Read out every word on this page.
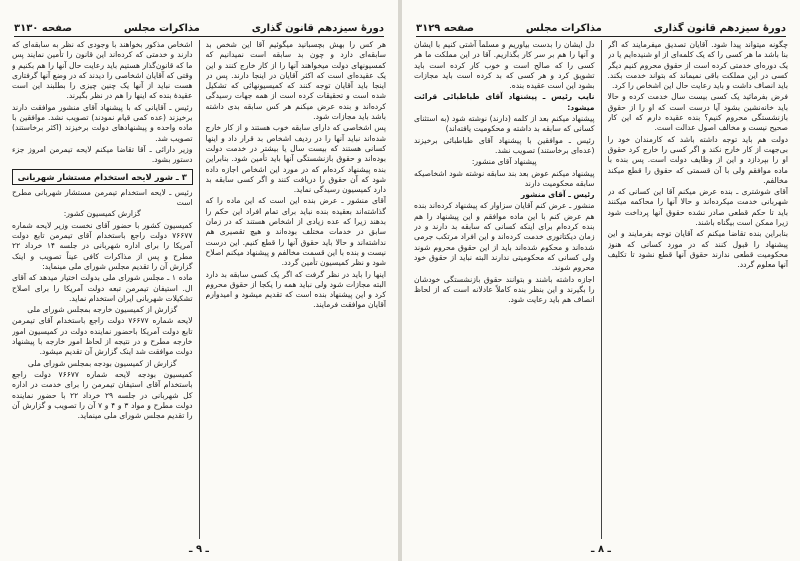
دورهٔ سیزدهم قانون گذاری
مذاکرات مجلس
صفحه ۳۱۳۰

هر کس را بهش بچسبانید میگوئیم آقا این شخص بد سابقه‌ای دارد و چون بد سابقه است نمیدانیم که کمسیونهای دولت میخواهند آنها را از کار خارج کنند و این یک عقیده‌ای است که اکثر آقایان در اینجا دارند. پس در اینجا باید آقایان توجه کنند که کمیسیونهائی که تشکیل شده است و تحقیقات کرده است از همه جهات رسیدگی کرده‌اند و بنده عرض میکنم هر کس سابقه بدی داشته باشد باید مجازات شود.

پس اشخاصی که دارای سابقه خوب هستند و از کار خارج شده‌اند نباید آنها را در ردیف اشخاص بد قرار داد و اینها کسانی هستند که بیست سال یا بیشتر در خدمت دولت بوده‌اند و حقوق بازنشستگی آنها باید تأمین شود. بنابراین بنده پیشنهاد کرده‌ام که در مورد این اشخاص اجازه داده شود که آن حقوق را دریافت کنند و اگر کسی سابقه بد دارد کمیسیون رسیدگی نماید.

آقای منشور ـ عرض بنده این است که این ماده را که گذاشته‌اند بعقیده بنده نباید برای تمام افراد این حکم را بدهند زیرا که عده زیادی از اشخاص هستند که در زمان سابق در خدمات مختلف بوده‌اند و هیچ تقصیری هم نداشته‌اند و حالا باید حقوق آنها را قطع کنیم. این درست نیست و بنده با این قسمت مخالفم و پیشنهاد میکنم اصلاح شود و نظر کمیسیون تأمین گردد.

اینها را باید در نظر گرفت که اگر یک کسی سابقه بد دارد البته مجازات شود ولی نباید همه را یکجا از حقوق محروم کرد و این پیشنهاد بنده است که تقدیم میشود و امیدوارم آقایان موافقت فرمایند.

اشخاص مذکور بخواهند با وجودی که نظر به سابقه‌ای که دارند و خدمتی که کرده‌اند این قانون را تأمین نمایند پس ما که قانون‌گذار هستیم باید رعایت حال آنها را هم بکنیم و وقتی که آقایان اشخاصی را دیدند که در وضع آنها گرفتاری هست نباید از آنها یک چنین چیزی را بطلبند این است عقیدهٔ بنده که اینها را هم در نظر بگیرند.

رئیس ـ آقایانی که با پیشنهاد آقای منشور موافقت دارند برخیزند (عده کمی قیام نمودند) تصویب نشد. موافقین با ماده واحده و پیشنهادهای دولت برخیزند (اکثر برخاستند) تصویب شد.

وزیر دارائی ـ آقا تقاضا میکنم لایحه تیمرمن امروز جزء دستور بشود.

۳ ـ شور لایحه استخدام مستشار شهربانی

رئیس ـ لایحه استخدام تیمرمن مستشار شهربانی مطرح است

گزارش کمیسیون کشور:

کمیسیون کشور با حضور آقای نخست وزیر لایحه شماره ۷۶۶۷۷ دولت راجع باستخدام آقای تیمرمن تابع دولت آمریکا را برای اداره شهربانی در جلسه ۱۴ خرداد ۲۲ مطرح و پس از مذاکرات کافی عیناً تصویب و اینک گزارش آن را تقدیم مجلس شورای ملی مینماید:

ماده ۱ ـ مجلس شورای ملی بدولت اختیار میدهد که آقای ال. استیفان تیمرمن تبعه دولت آمریکا را برای اصلاح تشکیلات شهربانی ایران استخدام نماید.

گزارش از کمیسیون خارجه بمجلس شورای ملی

لایحه شماره ۷۶۶۷۷ دولت راجع باستخدام آقای تیمرمن تابع دولت آمریکا باحضور نماینده دولت در کمیسیون امور خارجه مطرح و در نتیجه از لحاظ امور خارجه با پیشنهاد دولت موافقت شد اینک گزارش آن تقدیم میشود.

گزارش از کمیسیون بودجه بمجلس شورای ملی

کمیسیون بودجه لایحه شماره ۷۶۶۷۷ دولت راجع باستخدام آقای استیفان تیمرمن را برای خدمت در اداره کل شهربانی در جلسه ۲۹ خرداد ۲۲ با حضور نماینده دولت مطرح و مواد ۳ و ۴ و ۷ آن را تصویب و گزارش آن را تقدیم مجلس شورای ملی مینماید.

ـ ۹ ـ
دورهٔ سیزدهم قانون گذاری
مذاکرات مجلس
صفحه ۳۱۲۹

چگونه میتواند پیدا شود. آقایان تصدیق میفرمایند که اگر بنا باشد ما هر کسی را که یک کلمه‌ای از او شنیده‌ایم یا در یک دوره‌ای خدمتی کرده است از حقوق محروم کنیم دیگر کسی در این مملکت باقی نمیماند که بتواند خدمت بکند. باید انصاف داشت و باید رعایت حال این اشخاص را کرد.

فرض بفرمائید یک کسی بیست سال خدمت کرده و حالا باید خانه‌نشین بشود آیا درست است که او را از حقوق بازنشستگی محروم کنیم؟ بنده عقیده دارم که این کار صحیح نیست و مخالف اصول عدالت است.

دولت هم باید توجه داشته باشد که کارمندان خود را بی‌جهت از کار خارج نکند و اگر کسی را خارج کرد حقوق او را بپردازد و این از وظایف دولت است. پس بنده با ماده موافقم ولی با آن قسمتی که حقوق را قطع میکند مخالفم.

آقای شوشتری ـ بنده عرض میکنم آقا این کسانی که در شهربانی خدمت میکرده‌اند و حالا آنها را محاکمه میکنند باید تا حکم قطعی صادر نشده حقوق آنها پرداخت شود زیرا ممکن است بیگناه باشند.

بنابراین بنده تقاضا میکنم که آقایان توجه بفرمایند و این پیشنهاد را قبول کنند که در مورد کسانی که هنوز محکومیت قطعی ندارند حقوق آنها قطع نشود تا تکلیف آنها معلوم گردد.

دل ایشان را بدست بیاوریم و مسلماً آشتی کنیم با ایشان و آنها را هم بر سر کار بگذاریم. آقا در این مملکت ما هر کسی را که صالح است و خوب کار کرده است باید تشویق کرد و هر کسی که بد کرده است باید مجازات بشود این است عقیده بنده.

نایب رئیس ـ پیشنهاد آقای طباطبائی قرائت میشود:

پیشنهاد میکنم بعد از کلمه (دارند) نوشته شود (به استثنای کسانی که سابقه بد داشته و محکومیت یافته‌اند)

رئیس ـ موافقین با پیشنهاد آقای طباطبائی برخیزند (عده‌ای برخاستند) تصویب نشد.

پیشنهاد آقای منشور:

پیشنهاد میکنم عوض بعد بند سابقه نوشته شود اشخاصیکه سابقه محکومیت دارند

رئیس ـ آقای منشور

منشور ـ عرض کنم آقایان سزاوار که پیشنهاد کرده‌اند بنده هم عرض کنم با این ماده موافقم و این پیشنهاد را هم بنده کرده‌ام برای اینکه کسانی که سابقه بد دارند و در زمان دیکتاتوری خدمت کرده‌اند و این افراد مرتکب جرمی شده‌اند و محکوم شده‌اند باید از این حقوق محروم شوند ولی کسانی که محکومیتی ندارند البته نباید از حقوق خود محروم شوند.

اجازه داشته باشند و بتوانند حقوق بازنشستگی خودشان را بگیرند و این بنظر بنده کاملاً عادلانه است که از لحاظ انصاف هم باید رعایت شود.

ـ ۸ ـ
